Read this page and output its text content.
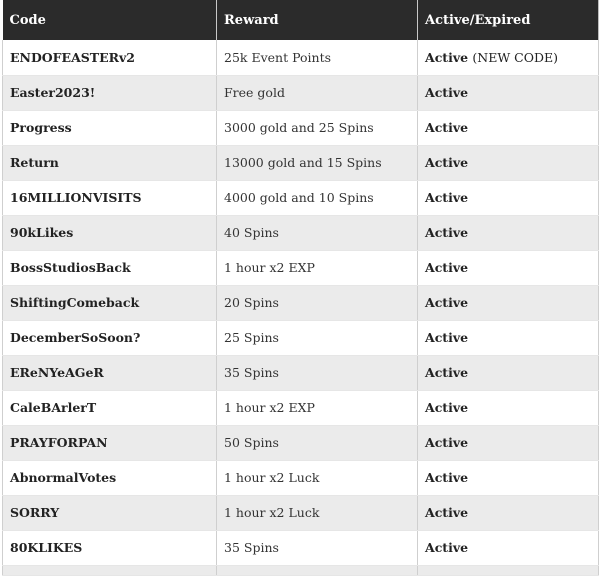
Code	Reward	Active/Expired
ENDOFEASTERv2	25k Event Points	Active (NEW CODE)
Easter2023!	Free gold	Active
Progress	3000 gold and 25 Spins	Active
Return	13000 gold and 15 Spins	Active
16MILLIONVISITS	4000 gold and 10 Spins	Active
90kLikes	40 Spins	Active
BossStudiosBack	1 hour x2 EXP	Active
ShiftingComeback	20 Spins	Active
DecemberSoSoon?	25 Spins	Active
EReNYeAGeR	35 Spins	Active
CaleBArlerT	1 hour x2 EXP	Active
PRAYFORPAN	50 Spins	Active
AbnormalVotes	1 hour x2 Luck	Active
SORRY	1 hour x2 Luck	Active
80KLIKES	35 Spins	Active
